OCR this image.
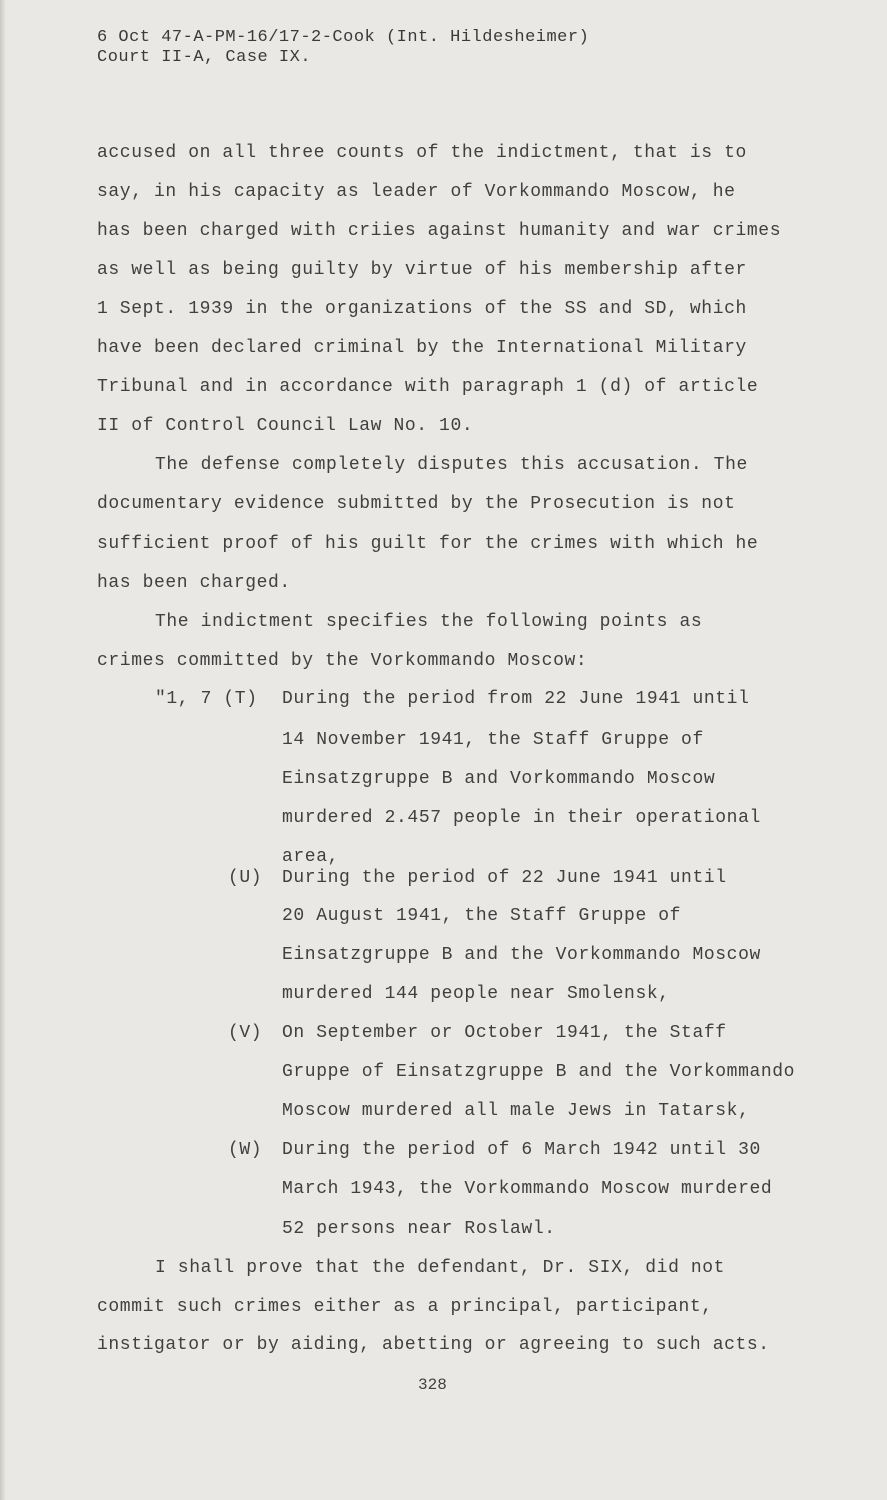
6 Oct 47-A-PM-16/17-2-Cook (Int. Hildesheimer)
Court II-A, Case IX.
accused on all three counts of the indictment, that is to
say, in his capacity as leader of Vorkommando Moscow, he
has been charged with criies against humanity and war crimes
as well as being guilty by virtue of his membership after
1 Sept. 1939 in the organizations of the SS and SD, which
have been declared criminal by the International Military
Tribunal and in accordance with paragraph 1 (d) of article
II of Control Council Law No. 10.
The defense completely disputes this accusation. The
documentary evidence submitted by the Prosecution is not
sufficient proof of his guilt for the crimes with which he
has been charged.
The indictment specifies the following points as
crimes committed by the Vorkommando Moscow:
"1, 7 (T) During the period from 22 June 1941 until
14 November 1941, the Staff Gruppe of
Einsatzgruppe B and Vorkommando Moscow
murdered 2.457 people in their operational
area,
(U) During the period of 22 June 1941 until
20 August 1941, the Staff Gruppe of
Einsatzgruppe B and the Vorkommando Moscow
murdered 144 people near Smolensk,
(V) On September or October 1941, the Staff
Gruppe of Einsatzgruppe B and the Vorkommando
Moscow murdered all male Jews in Tatarsk,
(W) During the period of 6 March 1942 until 30
March 1943, the Vorkommando Moscow murdered
52 persons near Roslawl.
I shall prove that the defendant, Dr. SIX, did not
commit such crimes either as a principal, participant,
instigator or by aiding, abetting or agreeing to such acts.
328
